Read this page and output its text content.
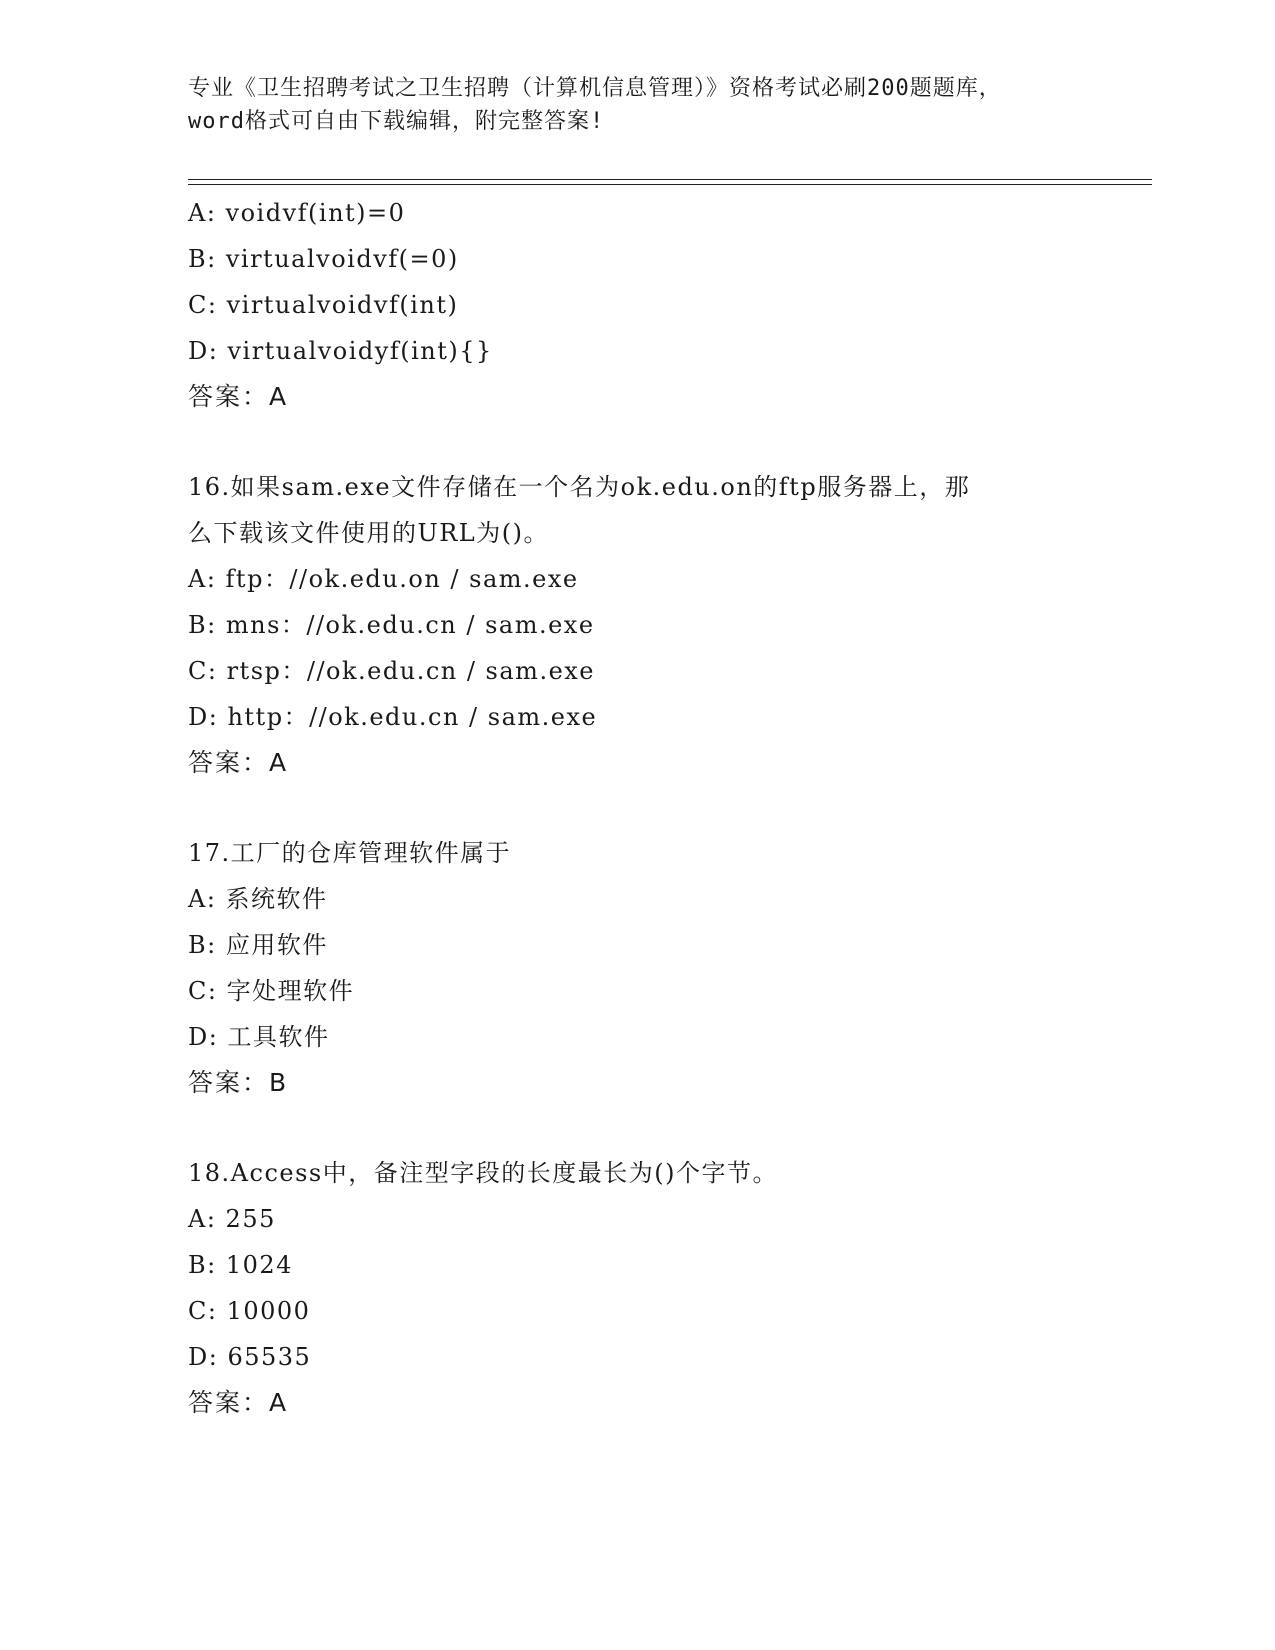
专业《卫生招聘考试之卫生招聘（计算机信息管理）》资格考试必刷200题题库，
word格式可自由下载编辑，附完整答案!
A: voidvf(int)=0
B: virtualvoidvf(=0)
C: virtualvoidvf(int)
D: virtualvoidyf(int){}
答案：A
16.如果sam.exe文件存储在一个名为ok.edu.on的ftp服务器上，那
么下载该文件使用的URL为()。
A: ftp：//ok.edu.on / sam.exe
B: mns：//ok.edu.cn / sam.exe
C: rtsp：//ok.edu.cn / sam.exe
D: http：//ok.edu.cn / sam.exe
答案：A
17.工厂的仓库管理软件属于
A: 系统软件
B: 应用软件
C: 字处理软件
D: 工具软件
答案：B
18.Access中，备注型字段的长度最长为()个字节。
A: 255
B: 1024
C: 10000
D: 65535
答案：A
